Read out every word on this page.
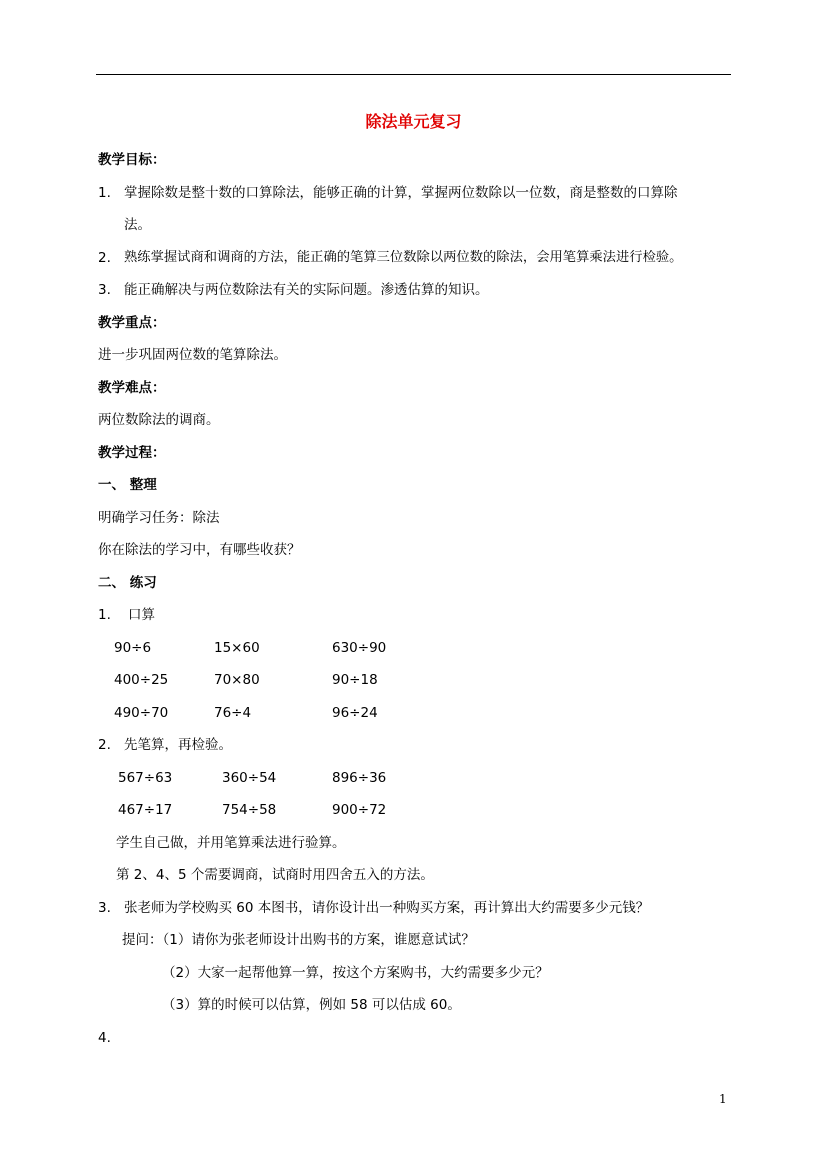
除法单元复习
教学目标：
1. 掌握除数是整十数的口算除法，能够正确的计算，掌握两位数除以一位数，商是整数的口算除
法。
2. 熟练掌握试商和调商的方法，能正确的笔算三位数除以两位数的除法，会用笔算乘法进行检验。
3. 能正确解决与两位数除法有关的实际问题。渗透估算的知识。
教学重点：
进一步巩固两位数的笔算除法。
教学难点：
两位数除法的调商。
教学过程：
一、 整理
明确学习任务：除法
你在除法的学习中，有哪些收获？
二、 练习
1. 口算
90÷6	15×60	630÷90
400÷25	70×80	90÷18
490÷70	76÷4	96÷24
2. 先笔算，再检验。
567÷63	360÷54	896÷36
467÷17	754÷58	900÷72
学生自己做，并用笔算乘法进行验算。
第 2、4、5 个需要调商，试商时用四舍五入的方法。
3. 张老师为学校购买 60 本图书，请你设计出一种购买方案，再计算出大约需要多少元钱？
提问：（1）请你为张老师设计出购书的方案，谁愿意试试？
（2）大家一起帮他算一算，按这个方案购书，大约需要多少元？
（3）算的时候可以估算，例如 58 可以估成 60。
4.
1
